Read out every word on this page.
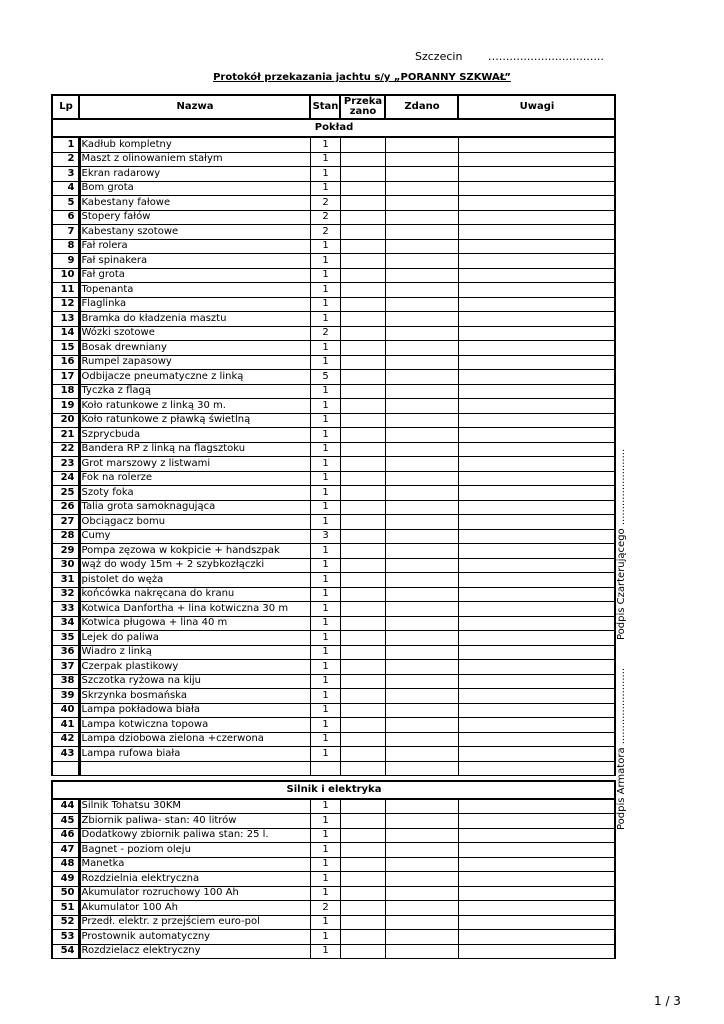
Szczecin …..............................
Protokół przekazania jachtu s/y „PORANNY SZKWAŁ”
Lp	Nazwa	Stan	Przeka zano	Zdano	Uwagi
Pokład					
1	Kadłub kompletny	1			
2	Maszt z olinowaniem stałym	1			
3	Ekran radarowy	1			
4	Bom grota	1			
5	Kabestany fałowe	2			
6	Stopery fałów	2			
7	Kabestany szotowe	2			
8	Fał rolera	1			
9	Fał spinakera	1			
10	Fał grota	1			
11	Topenanta	1			
12	Flaglinka	1			
13	Bramka do kładzenia masztu	1			
14	Wózki szotowe	2			
15	Bosak drewniany	1			
16	Rumpel zapasowy	1			
17	Odbijacze pneumatyczne z linką	5			
18	Tyczka z flagą	1			
19	Koło ratunkowe z linką 30 m.	1			
20	Koło ratunkowe z pławką świetlną	1			
21	Szprycbuda	1			
22	Bandera RP z linką na flagsztoku	1			
23	Grot marszowy z listwami	1			
24	Fok na rolerze	1			
25	Szoty foka	1			
26	Talia grota samoknagująca	1			
27	Obciągacz bomu	1			
28	Cumy	3			
29	Pompa zęzowa w kokpicie + handszpak	1			
30	wąż do wody 15m + 2 szybkozłączki	1			
31	pistolet do węża	1			
32	końcówka nakręcana do kranu	1			
33	Kotwica Danfortha + lina kotwiczna 30 m	1			
34	Kotwica pługowa + lina 40 m	1			
35	Lejek do paliwa	1			
36	Wiadro z linką	1			
37	Czerpak plastikowy	1			
38	Szczotka ryżowa na kiju	1			
39	Skrzynka bosmańska	1			
40	Lampa pokładowa biała	1			
41	Lampa kotwiczna topowa	1			
42	Lampa dziobowa zielona +czerwona	1			
43	Lampa rufowa biała	1			

Silnik i elektryka					
44	Silnik Tohatsu 30KM	1			
45	Zbiornik paliwa- stan: 40 litrów	1			
46	Dodatkowy zbiornik paliwa stan: 25 l.	1			
47	Bagnet - poziom oleju	1			
48	Manetka	1			
49	Rozdzielnia elektryczna	1			
50	Akumulator rozruchowy 100 Ah	1			
51	Akumulator 100 Ah	2			
52	Przedł. elektr. z przejściem euro-pol	1			
53	Prostownik automatyczny	1			
54	Rozdzielacz elektryczny	1			
Podpis Czarterującego ........................
Podpis Armatora ........................
1 / 3
